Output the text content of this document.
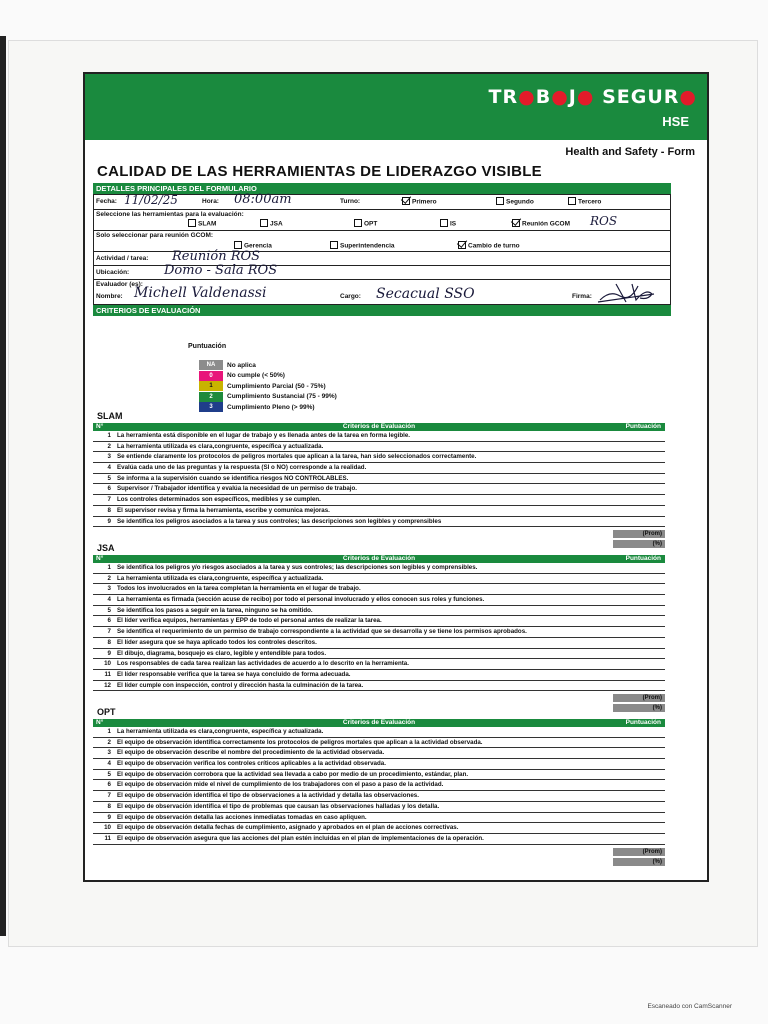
TR●B●J● SEGUR●
HSE
Health and Safety - Form
CALIDAD DE LAS HERRAMIENTAS DE LIDERAZGO VISIBLE
DETALLES PRINCIPALES DEL FORMULARIO
Fecha: 11/02/25	Hora: 08:00am	Turno:	Primero	Segundo	Tercero
Seleccione las herramientas para la evaluación:
SLAM	JSA	OPT	IS	Reunión GCOM ROS
Solo seleccionar para reunión GCOM:
Gerencia	Superintendencia	Cambio de turno
Actividad / tarea: Reunión ROS
Ubicación:	Domo - Sala ROS
Evaluador (es):
Nombre: Michell Valdenassi	Cargo: Secacual SSO	Firma:
CRITERIOS DE EVALUACIÓN
Puntuación
NA	No aplica
0	No cumple (< 50%)
1	Cumplimiento Parcial (50 - 75%)
2	Cumplimiento Sustancial (75 - 99%)
3	Cumplimiento Pleno (> 99%)
SLAM
Criterios de Evaluación
N°	Puntuación
1 La herramienta está disponible en el lugar de trabajo y es llenada antes de la tarea en forma legible.
2 La herramienta utilizada es clara,congruente, específica y actualizada.
3 Se entiende claramente los protocolos de peligros mortales que aplican a la tarea, han sido seleccionados correctamente.
4 Evalúa cada uno de las preguntas y la respuesta (SI o NO) corresponde a la realidad.
5 Se informa a la supervisión cuando se identifica riesgos NO CONTROLABLES.
6 Supervisor / Trabajador identifica y evalúa la necesidad de un permiso de trabajo.
7 Los controles determinados son específicos, medibles y se cumplen.
8 El supervisor revisa y firma la herramienta, escribe y comunica mejoras.
9 Se identifica los peligros asociados a la tarea y sus controles; las descripciones son legibles y comprensibles
(Prom)
(%)
JSA
Criterios de Evaluación
N°	Puntuación
1 Se identifica los peligros y/o riesgos asociados a la tarea y sus controles; las descripciones son legibles y comprensibles.
2 La herramienta utilizada es clara,congruente, específica y actualizada.
3 Todos los involucrados en la tarea completan la herramienta en el lugar de trabajo.
4 La herramienta es firmada (sección acuse de recibo) por todo el personal involucrado y ellos conocen sus roles y funciones.
5 Se identifica los pasos a seguir en la tarea, ninguno se ha omitido.
6 El líder verifica equipos, herramientas y EPP de todo el personal antes de realizar la tarea.
7 Se identifica el requerimiento de un permiso de trabajo correspondiente a la actividad que se desarrolla y se tiene los permisos aprobados.
8 El líder asegura que se haya aplicado todos los controles descritos.
9 El dibujo, diagrama, bosquejo es claro, legible y entendible para todos.
10 Los responsables de cada tarea realizan las actividades de acuerdo a lo descrito en la herramienta.
11 El líder responsable verifica que la tarea se haya concluido de forma adecuada.
12 El líder cumple con inspección, control y dirección hasta la culminación de la tarea.
(Prom)
(%)
OPT
Criterios de Evaluación
N°	Puntuación
1 La herramienta utilizada es clara,congruente, específica y actualizada.
2 El equipo de observación identifica correctamente los protocolos de peligros mortales que aplican a la actividad observada.
3 El equipo de observación describe el nombre del procedimiento de la actividad observada.
4 El equipo de observación verifica los controles críticos aplicables a la actividad observada.
5 El equipo de observación corrobora que la actividad sea llevada a cabo por medio de un procedimiento, estándar, plan.
6 El equipo de observación mide el nivel de cumplimiento de los trabajadores con el paso a paso de la actividad.
7 El equipo de observación identifica el tipo de observaciones a la actividad y detalla las observaciones.
8 El equipo de observación identifica el tipo de problemas que causan las observaciones halladas y los detalla.
9 El equipo de observación detalla las acciones inmediatas tomadas en caso apliquen.
10 El equipo de observación detalla fechas de cumplimiento, asignado y aprobados en el plan de acciones correctivas.
11 El equipo de observación asegura que las acciones del plan estén incluidas en el plan de implementaciones de la operación.
(Prom)
(%)
Escaneado con CamScanner
